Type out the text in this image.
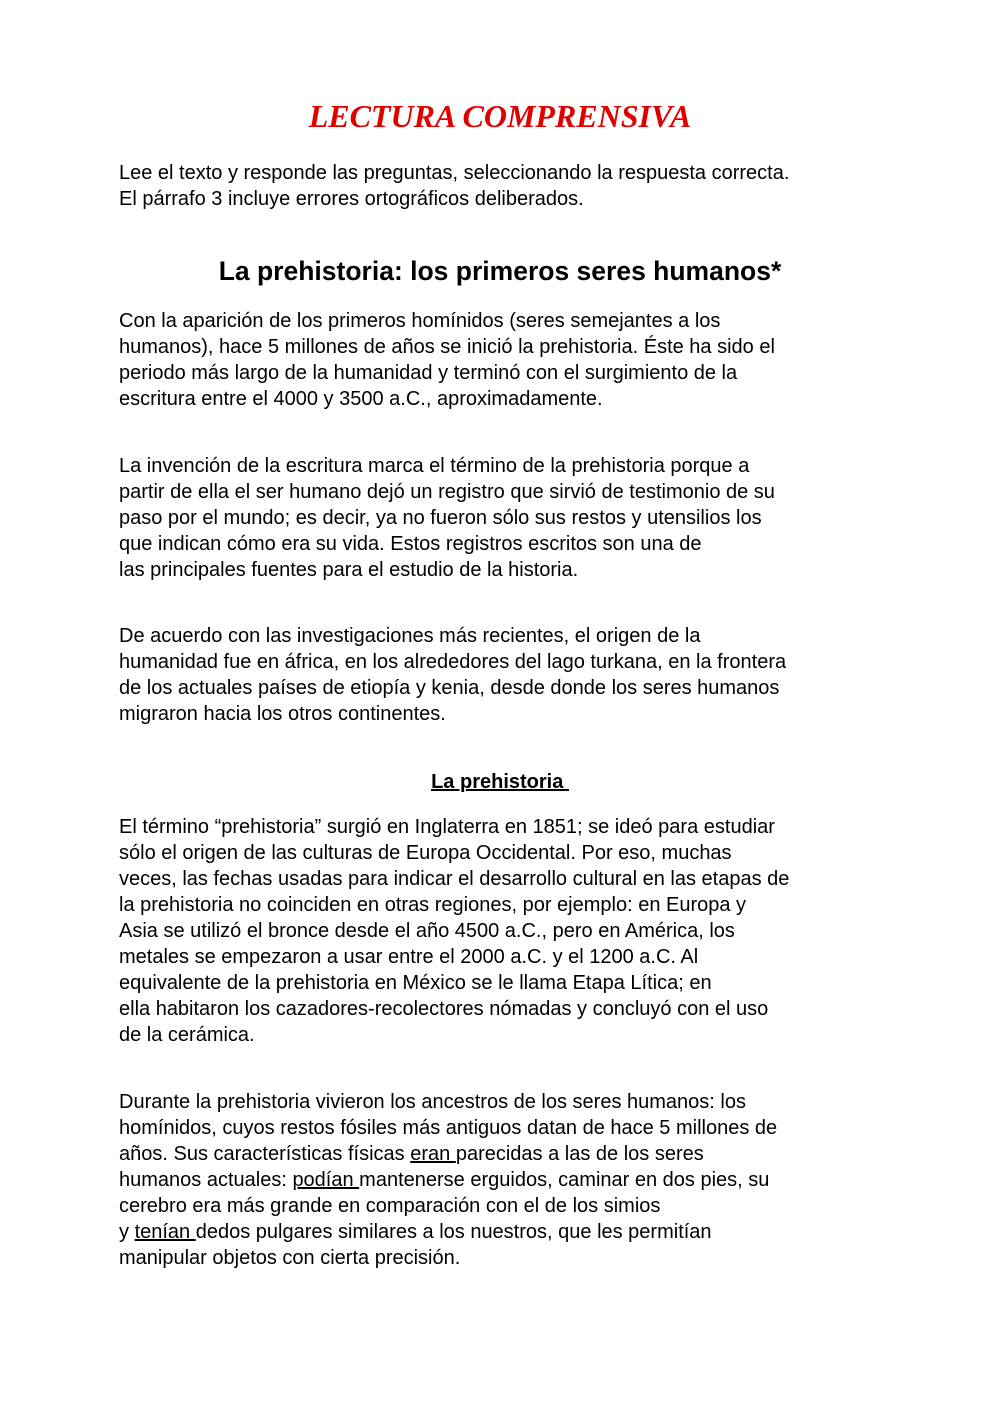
LECTURA COMPRENSIVA

Lee el texto y responde las preguntas, seleccionando la respuesta correcta.
El párrafo 3 incluye errores ortográficos deliberados.

La prehistoria: los primeros seres humanos*

Con la aparición de los primeros homínidos (seres semejantes a los
humanos), hace 5 millones de años se inició la prehistoria. Éste ha sido el
periodo más largo de la humanidad y terminó con el surgimiento de la
escritura entre el 4000 y 3500 a.C., aproximadamente.

La invención de la escritura marca el término de la prehistoria porque a
partir de ella el ser humano dejó un registro que sirvió de testimonio de su
paso por el mundo; es decir, ya no fueron sólo sus restos y utensilios los
que indican cómo era su vida. Estos registros escritos son una de
las principales fuentes para el estudio de la historia.

De acuerdo con las investigaciones más recientes, el origen de la
humanidad fue en áfrica, en los alrededores del lago turkana, en la frontera
de los actuales países de etiopía y kenia, desde donde los seres humanos
migraron hacia los otros continentes.

La prehistoria

El término “prehistoria” surgió en Inglaterra en 1851; se ideó para estudiar
sólo el origen de las culturas de Europa Occidental. Por eso, muchas
veces, las fechas usadas para indicar el desarrollo cultural en las etapas de
la prehistoria no coinciden en otras regiones, por ejemplo: en Europa y
Asia se utilizó el bronce desde el año 4500 a.C., pero en América, los
metales se empezaron a usar entre el 2000 a.C. y el 1200 a.C. Al
equivalente de la prehistoria en México se le llama Etapa Lítica; en
ella habitaron los cazadores-recolectores nómadas y concluyó con el uso
de la cerámica.

Durante la prehistoria vivieron los ancestros de los seres humanos: los
homínidos, cuyos restos fósiles más antiguos datan de hace 5 millones de
años. Sus características físicas eran parecidas a las de los seres
humanos actuales: podían mantenerse erguidos, caminar en dos pies, su
cerebro era más grande en comparación con el de los simios
y tenían dedos pulgares similares a los nuestros, que les permitían
manipular objetos con cierta precisión.
